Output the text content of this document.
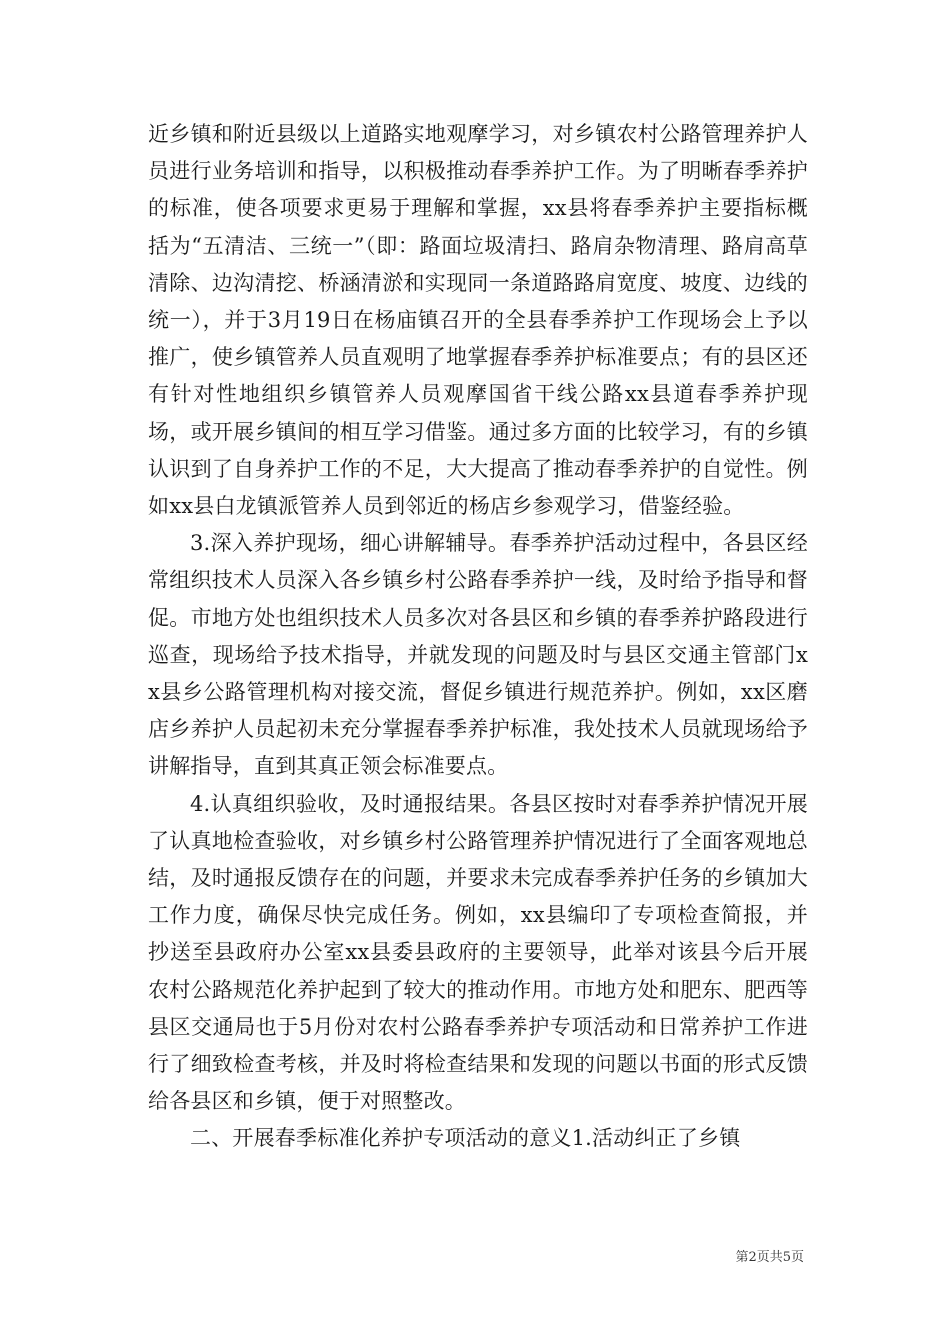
近乡镇和附近县级以上道路实地观摩学习，对乡镇农村公路管理养护人员进行业务培训和指导，以积极推动春季养护工作。为了明晰春季养护的标准，使各项要求更易于理解和掌握，xx县将春季养护主要指标概括为“五清洁、三统一”（即：路面垃圾清扫、路肩杂物清理、路肩高草清除、边沟清挖、桥涵清淤和实现同一条道路路肩宽度、坡度、边线的统一），并于3月19日在杨庙镇召开的全县春季养护工作现场会上予以推广，使乡镇管养人员直观明了地掌握春季养护标准要点；有的县区还有针对性地组织乡镇管养人员观摩国省干线公路xx县道春季养护现场，或开展乡镇间的相互学习借鉴。通过多方面的比较学习，有的乡镇认识到了自身养护工作的不足，大大提高了推动春季养护的自觉性。例如xx县白龙镇派管养人员到邻近的杨店乡参观学习，借鉴经验。

3.深入养护现场，细心讲解辅导。春季养护活动过程中，各县区经常组织技术人员深入各乡镇乡村公路春季养护一线，及时给予指导和督促。市地方处也组织技术人员多次对各县区和乡镇的春季养护路段进行巡查，现场给予技术指导，并就发现的问题及时与县区交通主管部门xx县乡公路管理机构对接交流，督促乡镇进行规范养护。例如，xx区磨店乡养护人员起初未充分掌握春季养护标准，我处技术人员就现场给予讲解指导，直到其真正领会标准要点。

4.认真组织验收，及时通报结果。各县区按时对春季养护情况开展了认真地检查验收，对乡镇乡村公路管理养护情况进行了全面客观地总结，及时通报反馈存在的问题，并要求未完成春季养护任务的乡镇加大工作力度，确保尽快完成任务。例如，xx县编印了专项检查简报，并抄送至县政府办公室xx县委县政府的主要领导，此举对该县今后开展农村公路规范化养护起到了较大的推动作用。市地方处和肥东、肥西等县区交通局也于5月份对农村公路春季养护专项活动和日常养护工作进行了细致检查考核，并及时将检查结果和发现的问题以书面的形式反馈给各县区和乡镇，便于对照整改。

二、开展春季标准化养护专项活动的意义1.活动纠正了乡镇

第2页共5页
